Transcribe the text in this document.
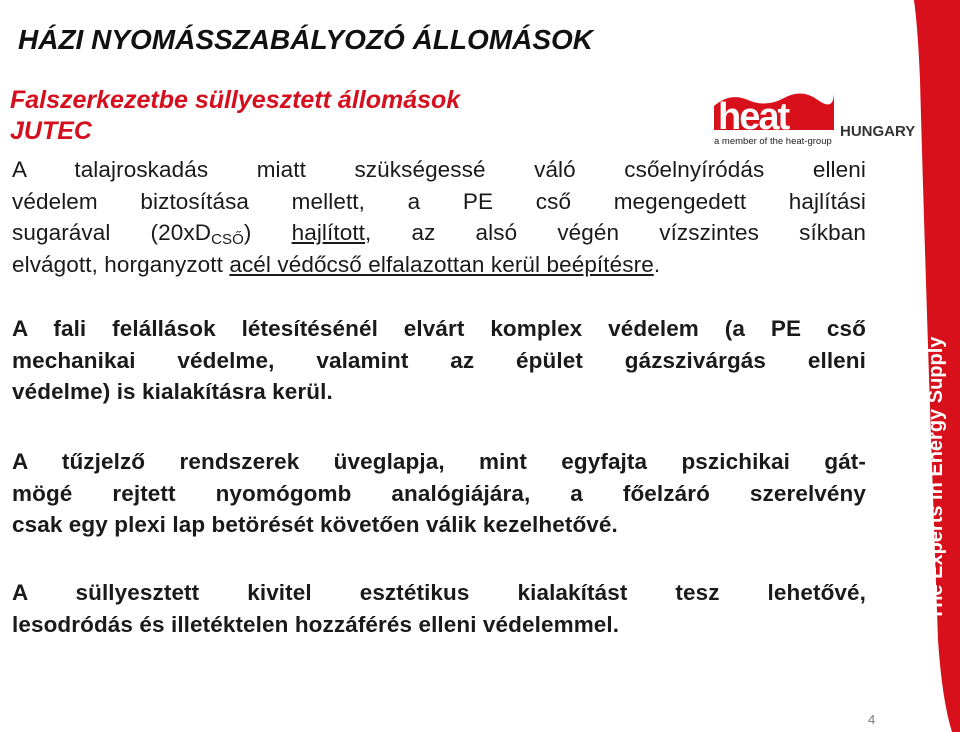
HÁZI NYOMÁSSZABÁLYOZÓ ÁLLOMÁSOK
Falszerkezetbe süllyesztett állomások
JUTEC
A talajroskadás miatt szükségessé váló csőelnyíródás elleni
védelem biztosítása mellett, a PE cső megengedett hajlítási
sugarával $(20xD_{CSŐ})$ hajlított, az alsó végén vízszintes síkban
elvágott, horganyzott acél védőcső elfalazottan kerül beépítésre.
A fali felállások létesítésénél elvárt komplex védelem (a PE cső
mechanikai védelme, valamint az épület gázszivárgás elleni
védelme) is kialakításra kerül.
A tűzjelző rendszerek üveglapja, mint egyfajta pszichikai gát-
mögé rejtett nyomógomb analógiájára, a főelzáró szerelvény
csak egy plexi lap betörését követően válik kezelhetővé.
A süllyesztett kivitel esztétikus kialakítást tesz lehetővé,
lesodródás és illetéktelen hozzáférés elleni védelemmel.
heat
a member of the heat-group
HUNGARY
The Experts in Energy Supply
4
